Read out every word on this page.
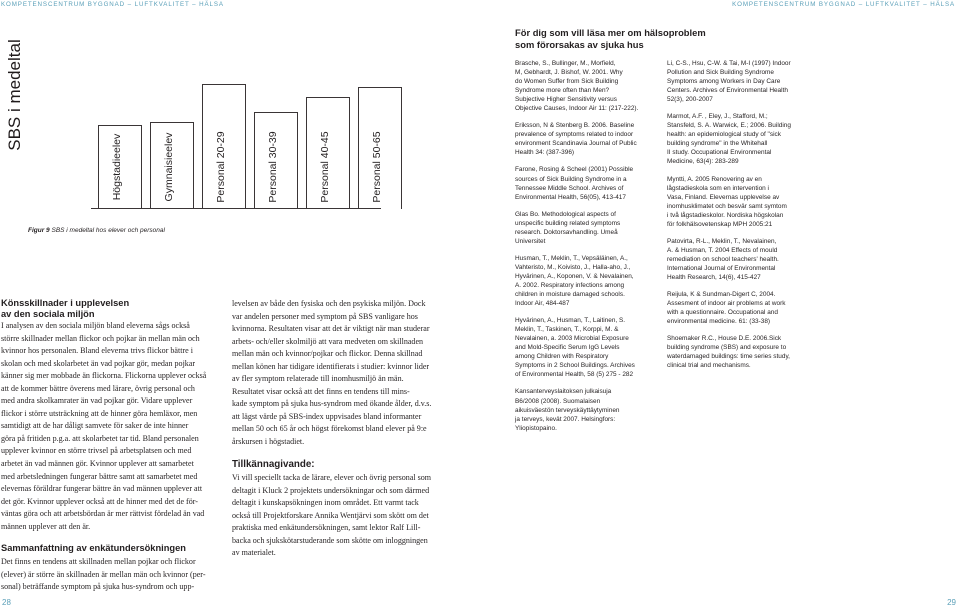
KOMPETENSCENTRUM BYGGNAD – LUFTKVALITET – HÄLSA	KOMPETENSCENTRUM BYGGNAD – LUFTKVALITET – HÄLSA
SBS i medeltal
Högstadieelev	Gymnaisieelev	Personal 20-29	Personal 30-39	Personal 40-45	Personal 50-65
Figur 9 SBS i medeltal hos elever och personal
Könsskillnader i upplevelsen
av den sociala miljön
I analysen av den sociala miljön bland eleverna sågs också
större skillnader mellan flickor och pojkar än mellan män och
kvinnor hos personalen. Bland eleverna trivs flickor bättre i
skolan och med skolarbetet än vad pojkar gör, medan pojkar
känner sig mer mobbade än flickorna. Flickorna upplever också
att de kommer bättre överens med lärare, övrig personal och
med andra skolkamrater än vad pojkar gör. Vidare upplever
flickor i större utsträckning att de hinner göra hemläxor, men
samtidigt att de har dåligt samvete för saker de inte hinner
göra på fritiden p.g.a. att skolarbetet tar tid. Bland personalen
upplever kvinnor en större trivsel på arbetsplatsen och med
arbetet än vad männen gör. Kvinnor upplever att samarbetet
med arbetsledningen fungerar bättre samt att samarbetet med
elevernas föräldrar fungerar bättre än vad männen upplever att
det gör. Kvinnor upplever också att de hinner med det de för-
väntas göra och att arbetsbördan är mer rättvist fördelad än vad
männen upplever att den är.
Sammanfattning av enkätundersökningen
Det finns en tendens att skillnaden mellan pojkar och flickor
(elever) är större än skillnaden är mellan män och kvinnor (per-
sonal) beträffande symptom på sjuka hus-syndrom och upp-
levelsen av både den fysiska och den psykiska miljön. Dock
var andelen personer med symptom på SBS vanligare hos
kvinnorna. Resultaten visar att det är viktigt när man studerar
arbets- och/eller skolmiljö att vara medveten om skillnaden
mellan män och kvinnor/pojkar och flickor. Denna skillnad
mellan könen har tidigare identifierats i studier: kvinnor lider
av fler symptom relaterade till inomhusmiljö än män.
Resultatet visar också att det finns en tendens till mins-
kade symptom på sjuka hus-syndrom med ökande ålder, d.v.s.
att lägst värde på SBS-index uppvisades bland informanter
mellan 50 och 65 år och högst förekomst bland elever på 9:e
årskursen i högstadiet.
Tillkännagivande:
Vi vill speciellt tacka de lärare, elever och övrig personal som
deltagit i Kluck 2 projektets undersökningar och som därmed
deltagit i kunskapsökningen inom området. Ett varmt tack
också till Projektforskare Annika Wentjärvi som skött om det
praktiska med enkätundersökningen, samt lektor Ralf Lill-
backa och sjukskötarstuderande som skötte om inloggningen
av materialet.
För dig som vill läsa mer om hälsoproblem
som förorsakas av sjuka hus

Brasche, S., Bullinger, M., Morfield,

M, Gebhardt, J. Bishof, W. 2001. Why

do Women Suffer from Sick Building

Syndrome more often than Men?

Subjective Higher Sensitivity versus

Objective Causes, Indoor Air 11: (217-222).

Eriksson, N & Stenberg B. 2006. Baseline

prevalence of symptoms related to indoor

environment Scandinavia Journal of Public

Health 34: (387-396)

Farone, Rosing & Scheel (2001) Possible

sources of Sick Building Syndrome in a

Tennessee Middle School. Archives of

Environmental Health, 56(05), 413-417

Glas Bo. Methodological aspects of

unspecific building related symptoms

research. Doktorsavhandling. Umeå

Universitet

Husman, T., Meklin, T., Vepsäläinen, A.,

Vahteristo, M., Koivisto, J., Halla-aho, J.,

Hyvärinen, A., Koponen, V. & Nevalainen,

A. 2002. Respiratory infections among

children in moisture damaged schools.

Indoor Air, 484-487

Hyvärinen, A., Husman, T., Laitinen, S.

Meklin, T., Taskinen, T., Korppi, M. &

Nevalainen, a. 2003 Microbial Exposure

and Mold-Specific Serum IgG Levels

among Children with Respiratory

Symptoms in 2 School Buildings. Archives

of Environmental Health, 58 (5) 275 - 282

Kansanterveyslaitoksen julkaisuja

B6/2008 (2008). Suomalaisen

aikuisväestön terveyskäyttäytyminen

ja terveys, kevät 2007. Helsingfors:

Yliopistopaino.

Li, C-S., Hsu, C-W. & Tai, M-I (1997) Indoor

Pollution and Sick Building Syndrome

Symptoms among Workers in Day Care

Centers. Archives of Environmental Health

52(3), 200-2007

Marmot, A.F. , Eley, J., Stafford, M.;

Stansfeld, S. A. Warwick, E.; 2006. Building

health: an epidemiological study of "sick

building syndrome" in the Whitehall

II study. Occupational Environmental

Medicine, 63(4): 283-289

Myntti, A. 2005 Renovering av en

lågstadieskola som en intervention i

Vasa, Finland. Elevernas upplevelse av

inomhusklimatet och besvär samt symtom

i två lågstadieskolor. Nordiska högskolan

för folkhälsovetenskap MPH 2005:21

Patovirta, R-L., Meklin, T., Nevalainen,

A. & Husman, T. 2004 Effects of mould

remediation on school teachers' health.

International Journal of Environmental

Health Research, 14(6), 415-427

Reijula, K & Sundman-Digert C, 2004.

Assesment of indoor air problems at work

with a questionnaire. Occupational and

environmental medicine. 61: (33-38)

Shoemaker R.C., House D.E. 2006.Sick

building syndrome (SBS) and exposure to

waterdamaged buildings: time series study,

clinical trial and mechanisms.

28	29
